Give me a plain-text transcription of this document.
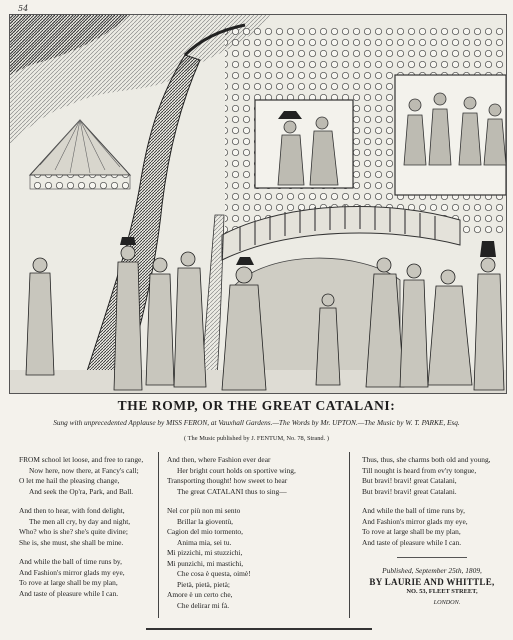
54
THE ROMP, OR THE GREAT CATALANI:
Sung with unprecedented Applause by MISS FERON, at Vauxhall Gardens.—The Words by Mr. UPTON.—The Music by W. T. PARKE, Esq.
( The Music published by J. FENTUM, No. 78, Strand. )
FROM school let loose, and free to range,
Now here, now there, at Fancy's call;
O let me hail the pleasing change,
And seek the Op'ra, Park, and Ball.
And then to hear, with fond delight,
The men all cry, by day and night,
Who? who is she? she's quite divine;
She is, she must, she shall be mine.
And while the ball of time runs by,
And Fashion's mirror glads my eye,
To rove at large shall be my plan,
And taste of pleasure while I can.
And then, where Fashion ever dear
Her bright court holds on sportive wing,
Transporting thought! how sweet to hear
The great CATALANI thus to sing—
Nel cor più non mi sento
Brillar la gioventù,
Cagion del mio tormento,
Anima mia, sei tu.
Mi pizzichi, mi stuzzichi,
Mi punzichi, mi mastichi,
Che cosa è questa, oimè!
Pietà, pietà, pietà;
Amore è un certo che,
Che delirar mi fà.
Thus, thus, she charms both old and young,
Till nought is heard from ev'ry tongue,
But bravi! bravi! great Catalani,
But bravi! bravi! great Catalani.
And while the ball of time runs by,
And Fashion's mirror glads my eye,
To rove at large shall be my plan,
And taste of pleasure while I can.
Published, September 25th, 1809,
BY LAURIE AND WHITTLE,
NO. 53, FLEET STREET,
LONDON.
